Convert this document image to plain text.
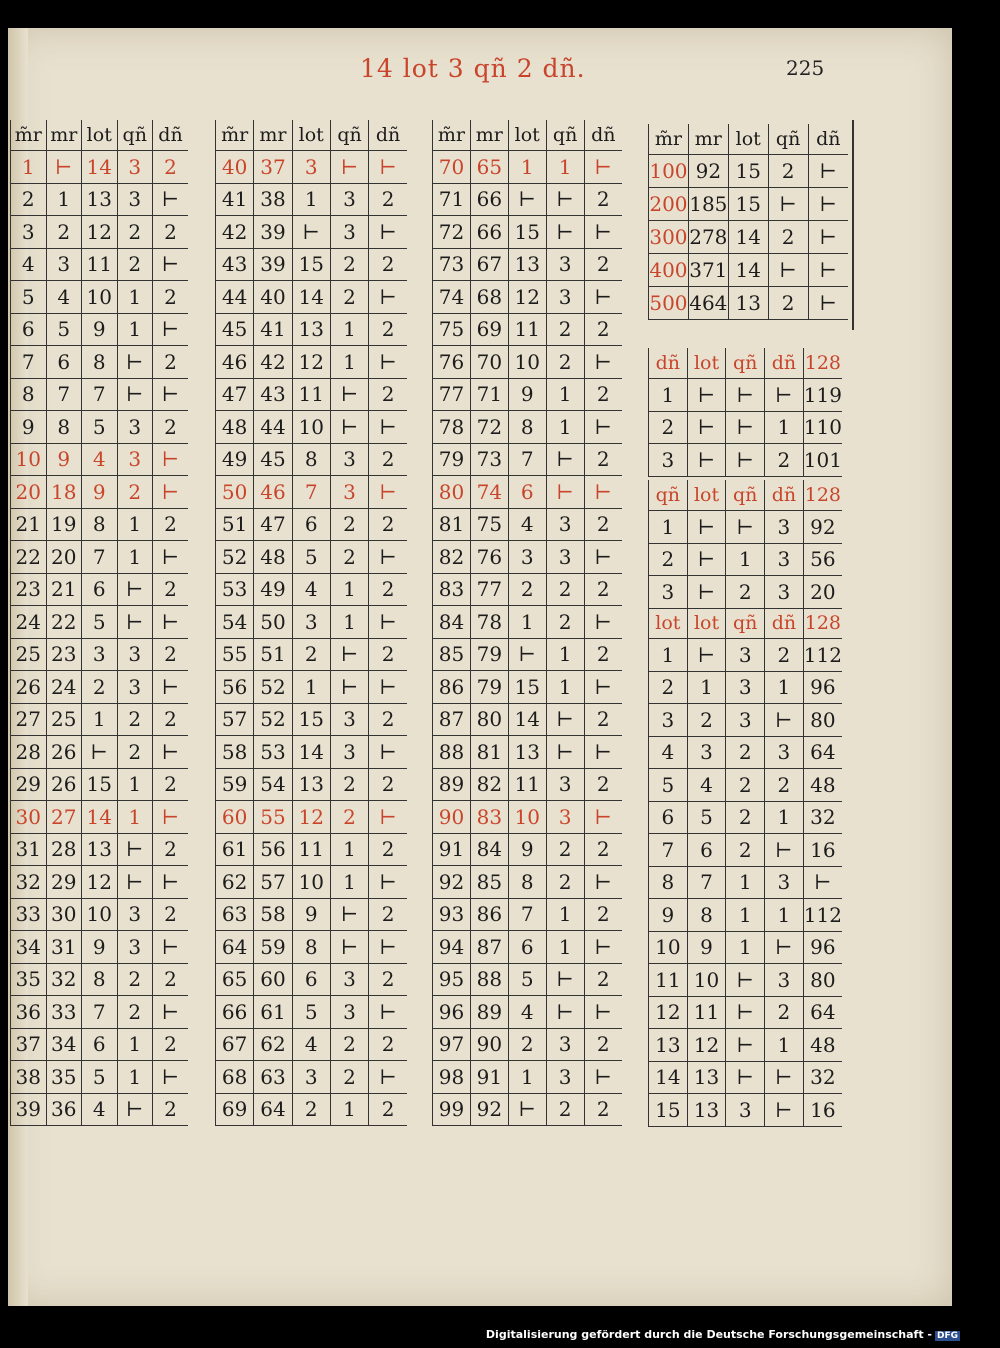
14 lot 3 qñ 2 dñ.	225
m̃r	mr	lot	qñ	dñ
1	⊢	14	3	2
2	1	13	3	⊢
3	2	12	2	2
4	3	11	2	⊢
5	4	10	1	2
6	5	9	1	⊢
7	6	8	⊢	2
8	7	7	⊢	⊢
9	8	5	3	2
10	9	4	3	⊢
20	18	9	2	⊢
21	19	8	1	2
22	20	7	1	⊢
23	21	6	⊢	2
24	22	5	⊢	⊢
25	23	3	3	2
26	24	2	3	⊢
27	25	1	2	2
28	26	⊢	2	⊢
29	26	15	1	2
30	27	14	1	⊢
31	28	13	⊢	2
32	29	12	⊢	⊢
33	30	10	3	2
34	31	9	3	⊢
35	32	8	2	2
36	33	7	2	⊢
37	34	6	1	2
38	35	5	1	⊢
39	36	4	⊢	2
m̃r	mr	lot	qñ	dñ
40	37	3	⊢	⊢
41	38	1	3	2
42	39	⊢	3	⊢
43	39	15	2	2
44	40	14	2	⊢
45	41	13	1	2
46	42	12	1	⊢
47	43	11	⊢	2
48	44	10	⊢	⊢
49	45	8	3	2
50	46	7	3	⊢
51	47	6	2	2
52	48	5	2	⊢
53	49	4	1	2
54	50	3	1	⊢
55	51	2	⊢	2
56	52	1	⊢	⊢
57	52	15	3	2
58	53	14	3	⊢
59	54	13	2	2
60	55	12	2	⊢
61	56	11	1	2
62	57	10	1	⊢
63	58	9	⊢	2
64	59	8	⊢	⊢
65	60	6	3	2
66	61	5	3	⊢
67	62	4	2	2
68	63	3	2	⊢
69	64	2	1	2
m̃r	mr	lot	qñ	dñ
70	65	1	1	⊢
71	66	⊢	⊢	2
72	66	15	⊢	⊢
73	67	13	3	2
74	68	12	3	⊢
75	69	11	2	2
76	70	10	2	⊢
77	71	9	1	2
78	72	8	1	⊢
79	73	7	⊢	2
80	74	6	⊢	⊢
81	75	4	3	2
82	76	3	3	⊢
83	77	2	2	2
84	78	1	2	⊢
85	79	⊢	1	2
86	79	15	1	⊢
87	80	14	⊢	2
88	81	13	⊢	⊢
89	82	11	3	2
90	83	10	3	⊢
91	84	9	2	2
92	85	8	2	⊢
93	86	7	1	2
94	87	6	1	⊢
95	88	5	⊢	2
96	89	4	⊢	⊢
97	90	2	3	2
98	91	1	3	⊢
99	92	⊢	2	2
m̃r	mr	lot	qñ	dñ
100	92	15	2	⊢
200	185	15	⊢	⊢
300	278	14	2	⊢
400	371	14	⊢	⊢
500	464	13	2	⊢
dñ	lot	qñ	dñ	128
1	⊢	⊢	⊢	119
2	⊢	⊢	1	110
3	⊢	⊢	2	101
qñ	lot	qñ	dñ	128
1	⊢	⊢	3	92
2	⊢	1	3	56
3	⊢	2	3	20
lot	lot	qñ	dñ	128
1	⊢	3	2	112
2	1	3	1	96
3	2	3	⊢	80
4	3	2	3	64
5	4	2	2	48
6	5	2	1	32
7	6	2	⊢	16
8	7	1	3	⊢
9	8	1	1	112
10	9	1	⊢	96
11	10	⊢	3	80
12	11	⊢	2	64
13	12	⊢	1	48
14	13	⊢	⊢	32
15	13	3	⊢	16
Digitalisierung gefördert durch die Deutsche Forschungsgemeinschaft - DFG
